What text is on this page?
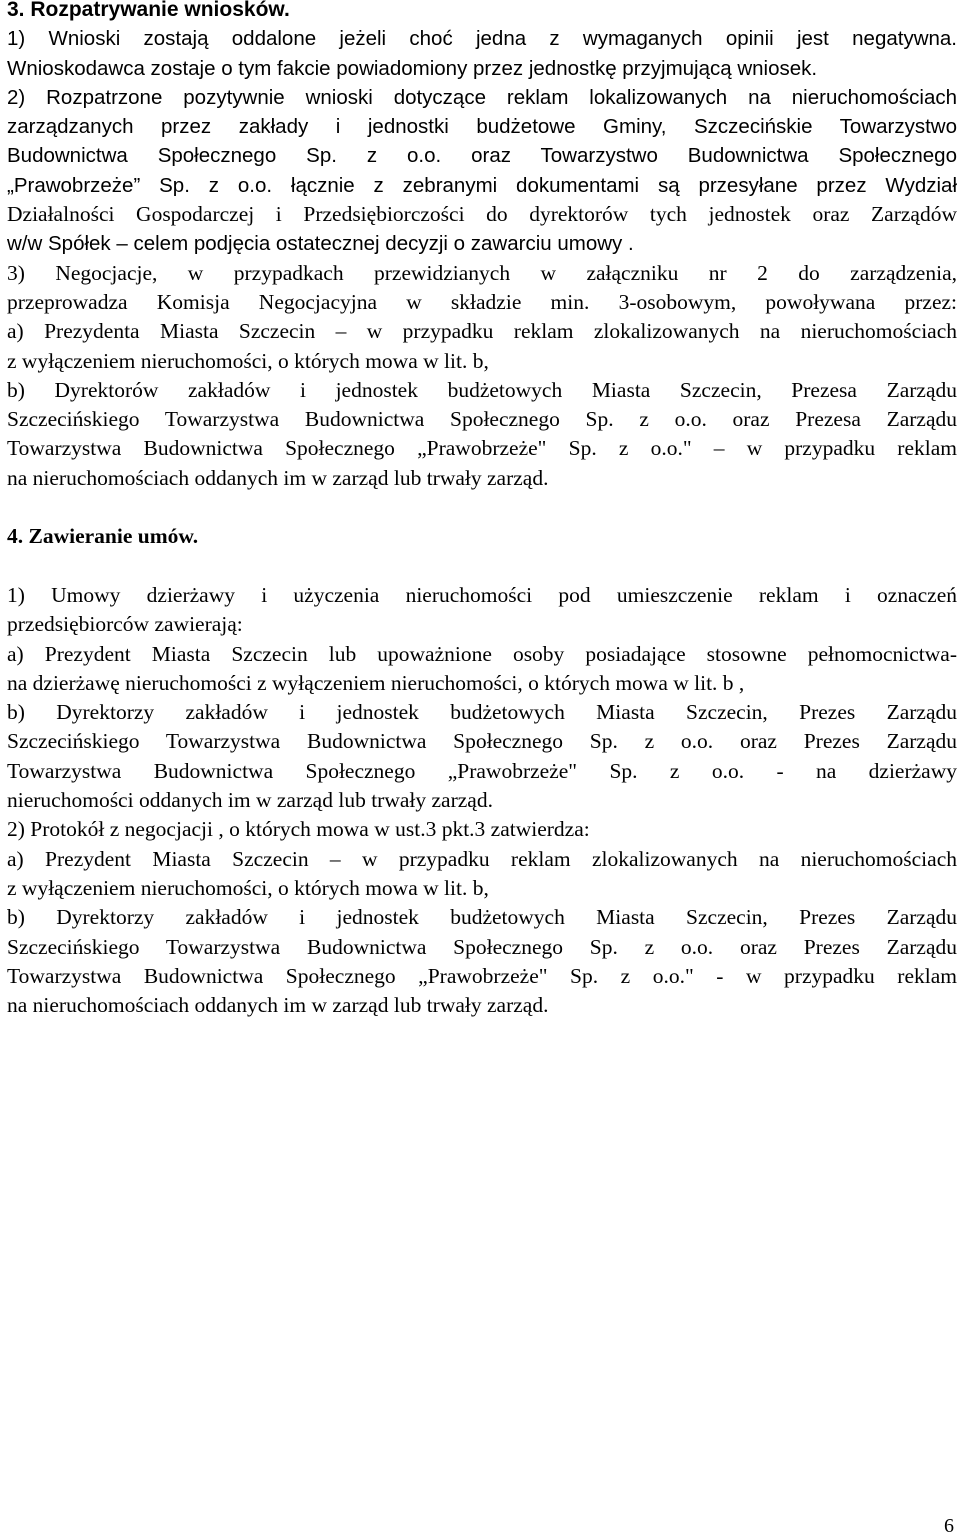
3. Rozpatrywanie wniosków.
1) Wnioski zostają oddalone jeżeli choć jedna z wymaganych opinii jest negatywna.
Wnioskodawca zostaje o tym fakcie powiadomiony przez jednostkę przyjmującą wniosek.
2) Rozpatrzone pozytywnie wnioski dotyczące reklam lokalizowanych na nieruchomościach
zarządzanych przez zakłady i jednostki budżetowe Gminy, Szczecińskie Towarzystwo
Budownictwa Społecznego Sp. z o.o. oraz Towarzystwo Budownictwa Społecznego
„Prawobrzeże” Sp. z o.o. łącznie z zebranymi dokumentami są przesyłane przez Wydział
Działalności Gospodarczej i Przedsiębiorczości do dyrektorów tych jednostek oraz Zarządów
w/w Spółek – celem podjęcia ostatecznej decyzji o zawarciu umowy .
3) Negocjacje, w przypadkach przewidzianych w załączniku nr 2 do zarządzenia,
przeprowadza Komisja Negocjacyjna w składzie min. 3-osobowym, powoływana przez:
a) Prezydenta Miasta Szczecin – w przypadku reklam zlokalizowanych na nieruchomościach
z wyłączeniem nieruchomości, o których mowa w lit. b,
b) Dyrektorów zakładów i jednostek budżetowych Miasta Szczecin, Prezesa Zarządu
Szczecińskiego Towarzystwa Budownictwa Społecznego Sp. z o.o. oraz Prezesa Zarządu
Towarzystwa Budownictwa Społecznego „Prawobrzeże" Sp. z o.o." – w przypadku reklam
na nieruchomościach oddanych im w zarząd lub trwały zarząd.
4. Zawieranie umów.
1) Umowy dzierżawy i użyczenia nieruchomości pod umieszczenie reklam i oznaczeń
przedsiębiorców zawierają:
a) Prezydent Miasta Szczecin lub upoważnione osoby posiadające stosowne pełnomocnictwa-
na dzierżawę nieruchomości z wyłączeniem nieruchomości, o których mowa w lit. b ,
b) Dyrektorzy zakładów i jednostek budżetowych Miasta Szczecin, Prezes Zarządu
Szczecińskiego Towarzystwa Budownictwa Społecznego Sp. z o.o. oraz Prezes Zarządu
Towarzystwa Budownictwa Społecznego „Prawobrzeże" Sp. z o.o. - na dzierżawy
nieruchomości oddanych im w zarząd lub trwały zarząd.
2) Protokół z negocjacji , o których mowa w ust.3 pkt.3 zatwierdza:
a) Prezydent Miasta Szczecin – w przypadku reklam zlokalizowanych na nieruchomościach
z wyłączeniem nieruchomości, o których mowa w lit. b,
b) Dyrektorzy zakładów i jednostek budżetowych Miasta Szczecin, Prezes Zarządu
Szczecińskiego Towarzystwa Budownictwa Społecznego Sp. z o.o. oraz Prezes Zarządu
Towarzystwa Budownictwa Społecznego „Prawobrzeże" Sp. z o.o." - w przypadku reklam
na nieruchomościach oddanych im w zarząd lub trwały zarząd.
6
